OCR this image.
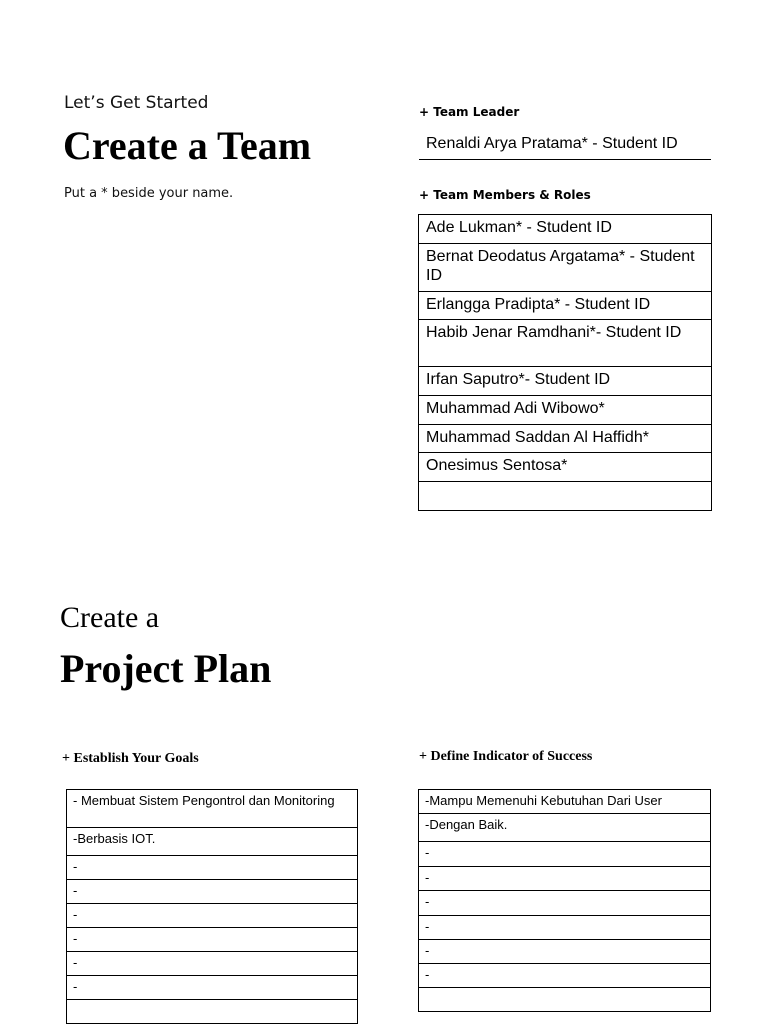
Let’s Get Started
Create a Team
Put a * beside your name.
+ Team Leader
Renaldi Arya Pratama* - Student ID
+ Team Members & Roles
Ade Lukman* - Student ID
Bernat Deodatus Argatama* - Student ID
Erlangga Pradipta* - Student ID
Habib Jenar Ramdhani*- Student ID
Irfan Saputro*- Student ID
Muhammad Adi Wibowo*
Muhammad Saddan Al Haffidh*
Onesimus Sentosa*

Create a
Project Plan
+ Establish Your Goals
- Membuat Sistem Pengontrol dan Monitoring
-Berbasis IOT.
-
-
-
-
-
-

+ Define Indicator of Success
-Mampu Memenuhi Kebutuhan Dari User
-Dengan Baik.
-
-
-
-
-
-
